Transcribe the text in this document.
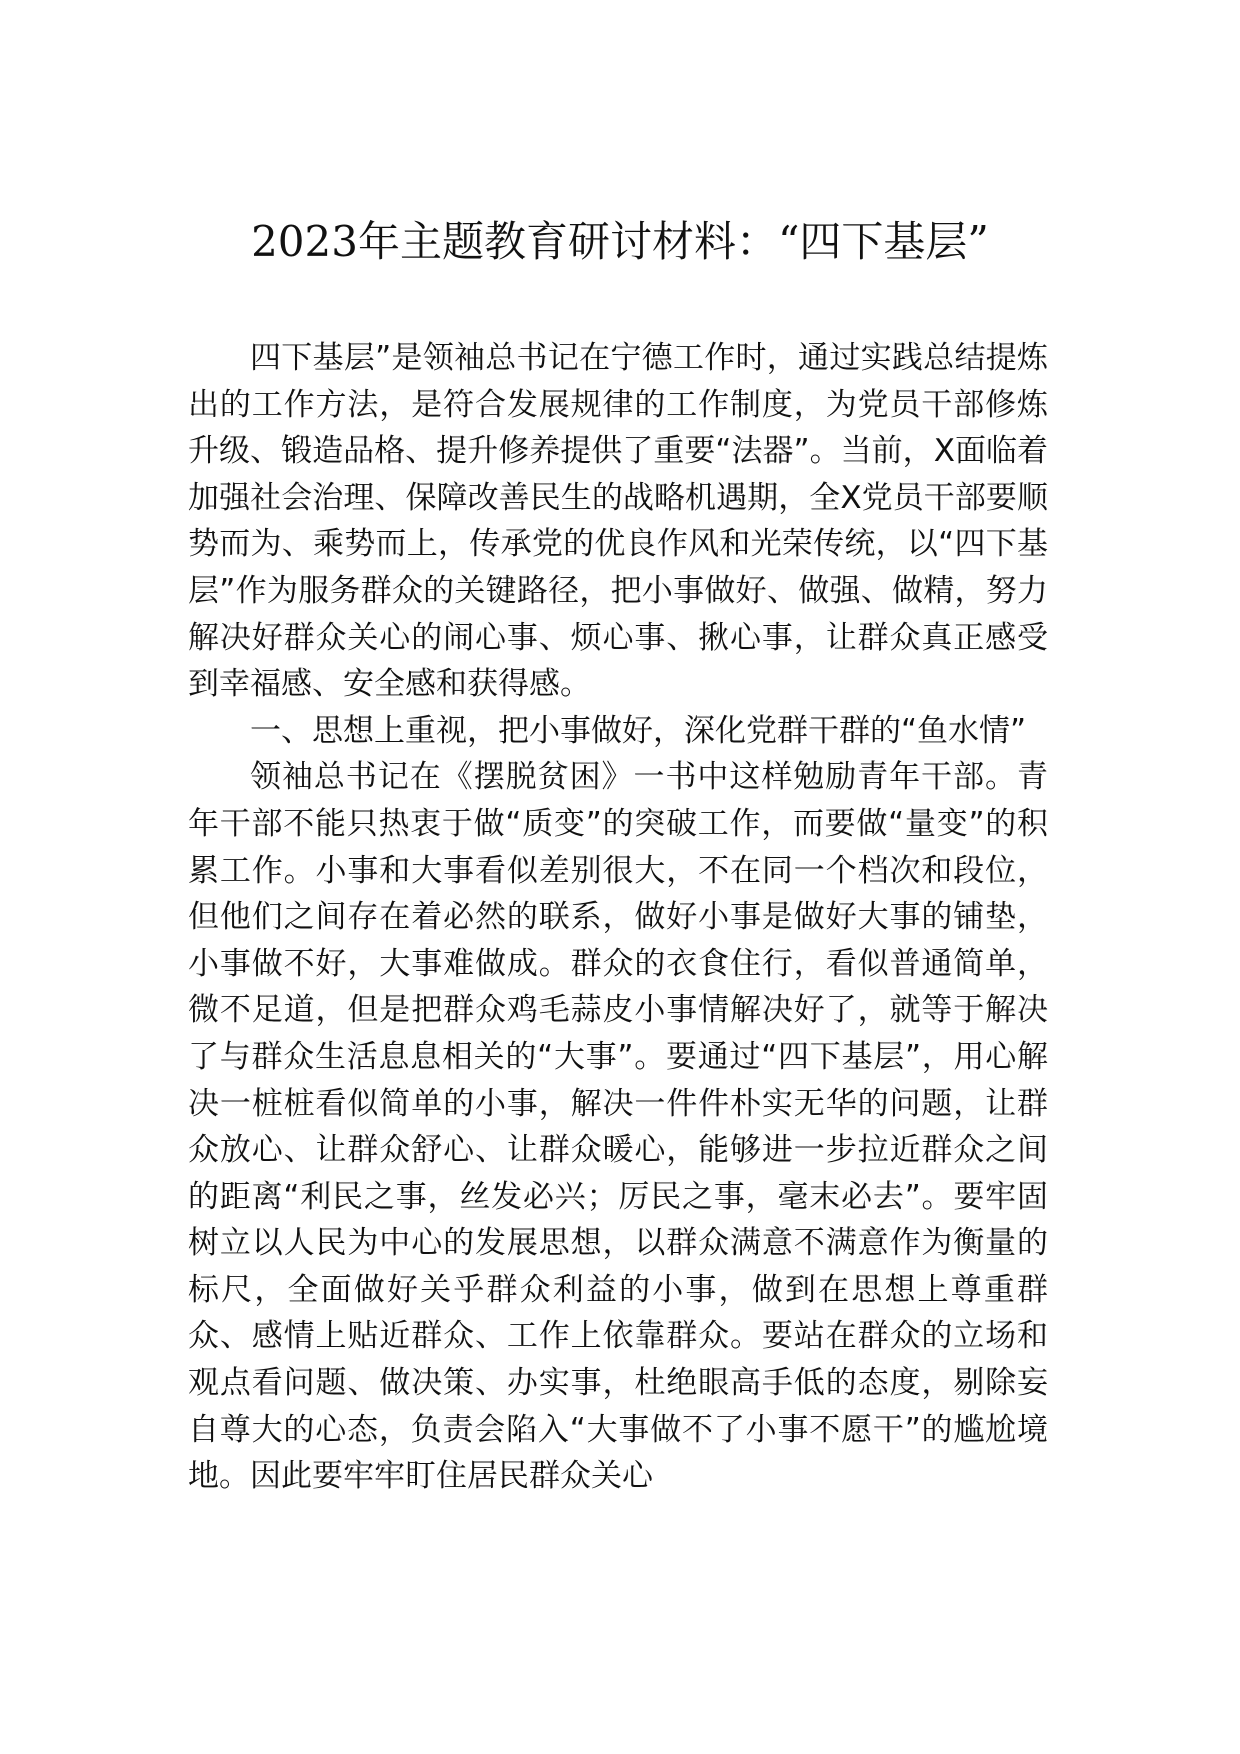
2023年主题教育研讨材料：“四下基层”

四下基层”是领袖总书记在宁德工作时，通过实践总结提炼出的工作方法，是符合发展规律的工作制度，为党员干部修炼升级、锻造品格、提升修养提供了重要“法器”。当前，X面临着加强社会治理、保障改善民生的战略机遇期，全X党员干部要顺势而为、乘势而上，传承党的优良作风和光荣传统，以“四下基层”作为服务群众的关键路径，把小事做好、做强、做精，努力解决好群众关心的闹心事、烦心事、揪心事，让群众真正感受到幸福感、安全感和获得感。

一、思想上重视，把小事做好，深化党群干群的“鱼水情”

领袖总书记在《摆脱贫困》一书中这样勉励青年干部。青年干部不能只热衷于做“质变”的突破工作，而要做“量变”的积累工作。小事和大事看似差别很大，不在同一个档次和段位，但他们之间存在着必然的联系，做好小事是做好大事的铺垫，小事做不好，大事难做成。群众的衣食住行，看似普通简单，微不足道，但是把群众鸡毛蒜皮小事情解决好了，就等于解决了与群众生活息息相关的“大事”。要通过“四下基层”，用心解决一桩桩看似简单的小事，解决一件件朴实无华的问题，让群众放心、让群众舒心、让群众暖心，能够进一步拉近群众之间的距离“利民之事，丝发必兴；厉民之事，毫末必去”。要牢固树立以人民为中心的发展思想，以群众满意不满意作为衡量的标尺，全面做好关乎群众利益的小事，做到在思想上尊重群众、感情上贴近群众、工作上依靠群众。要站在群众的立场和观点看问题、做决策、办实事，杜绝眼高手低的态度，剔除妄自尊大的心态，负责会陷入“大事做不了小事不愿干”的尴尬境地。因此要牢牢盯住居民群众关心
